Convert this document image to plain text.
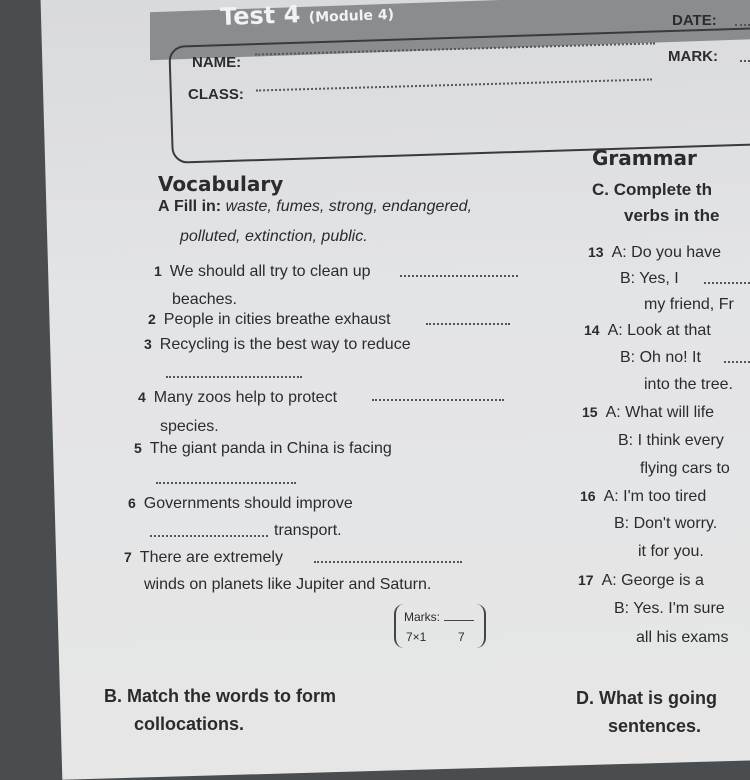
Test 4 (Module 4)	DATE:
NAME:	MARK:
CLASS:
Vocabulary
A Fill in: waste, fumes, strong, endangered,
polluted, extinction, public.
1 We should all try to clean up
beaches.
2 People in cities breathe exhaust
3 Recycling is the best way to reduce
4 Many zoos help to protect
species.
5 The giant panda in China is facing
6 Governments should improve
transport.
7 There are extremely
winds on planets like Jupiter and Saturn.
Marks:
7×1	7
B. Match the words to form
collocations.
Grammar
C. Complete th
verbs in the
13 A: Do you have
B: Yes, I
my friend, Fr
14 A: Look at that
B: Oh no! It
into the tree.
15 A: What will life
B: I think every
flying cars to
16 A: I'm too tired
B: Don't worry.
it for you.
17 A: George is a
B: Yes. I'm sure
all his exams
D. What is going
sentences.
